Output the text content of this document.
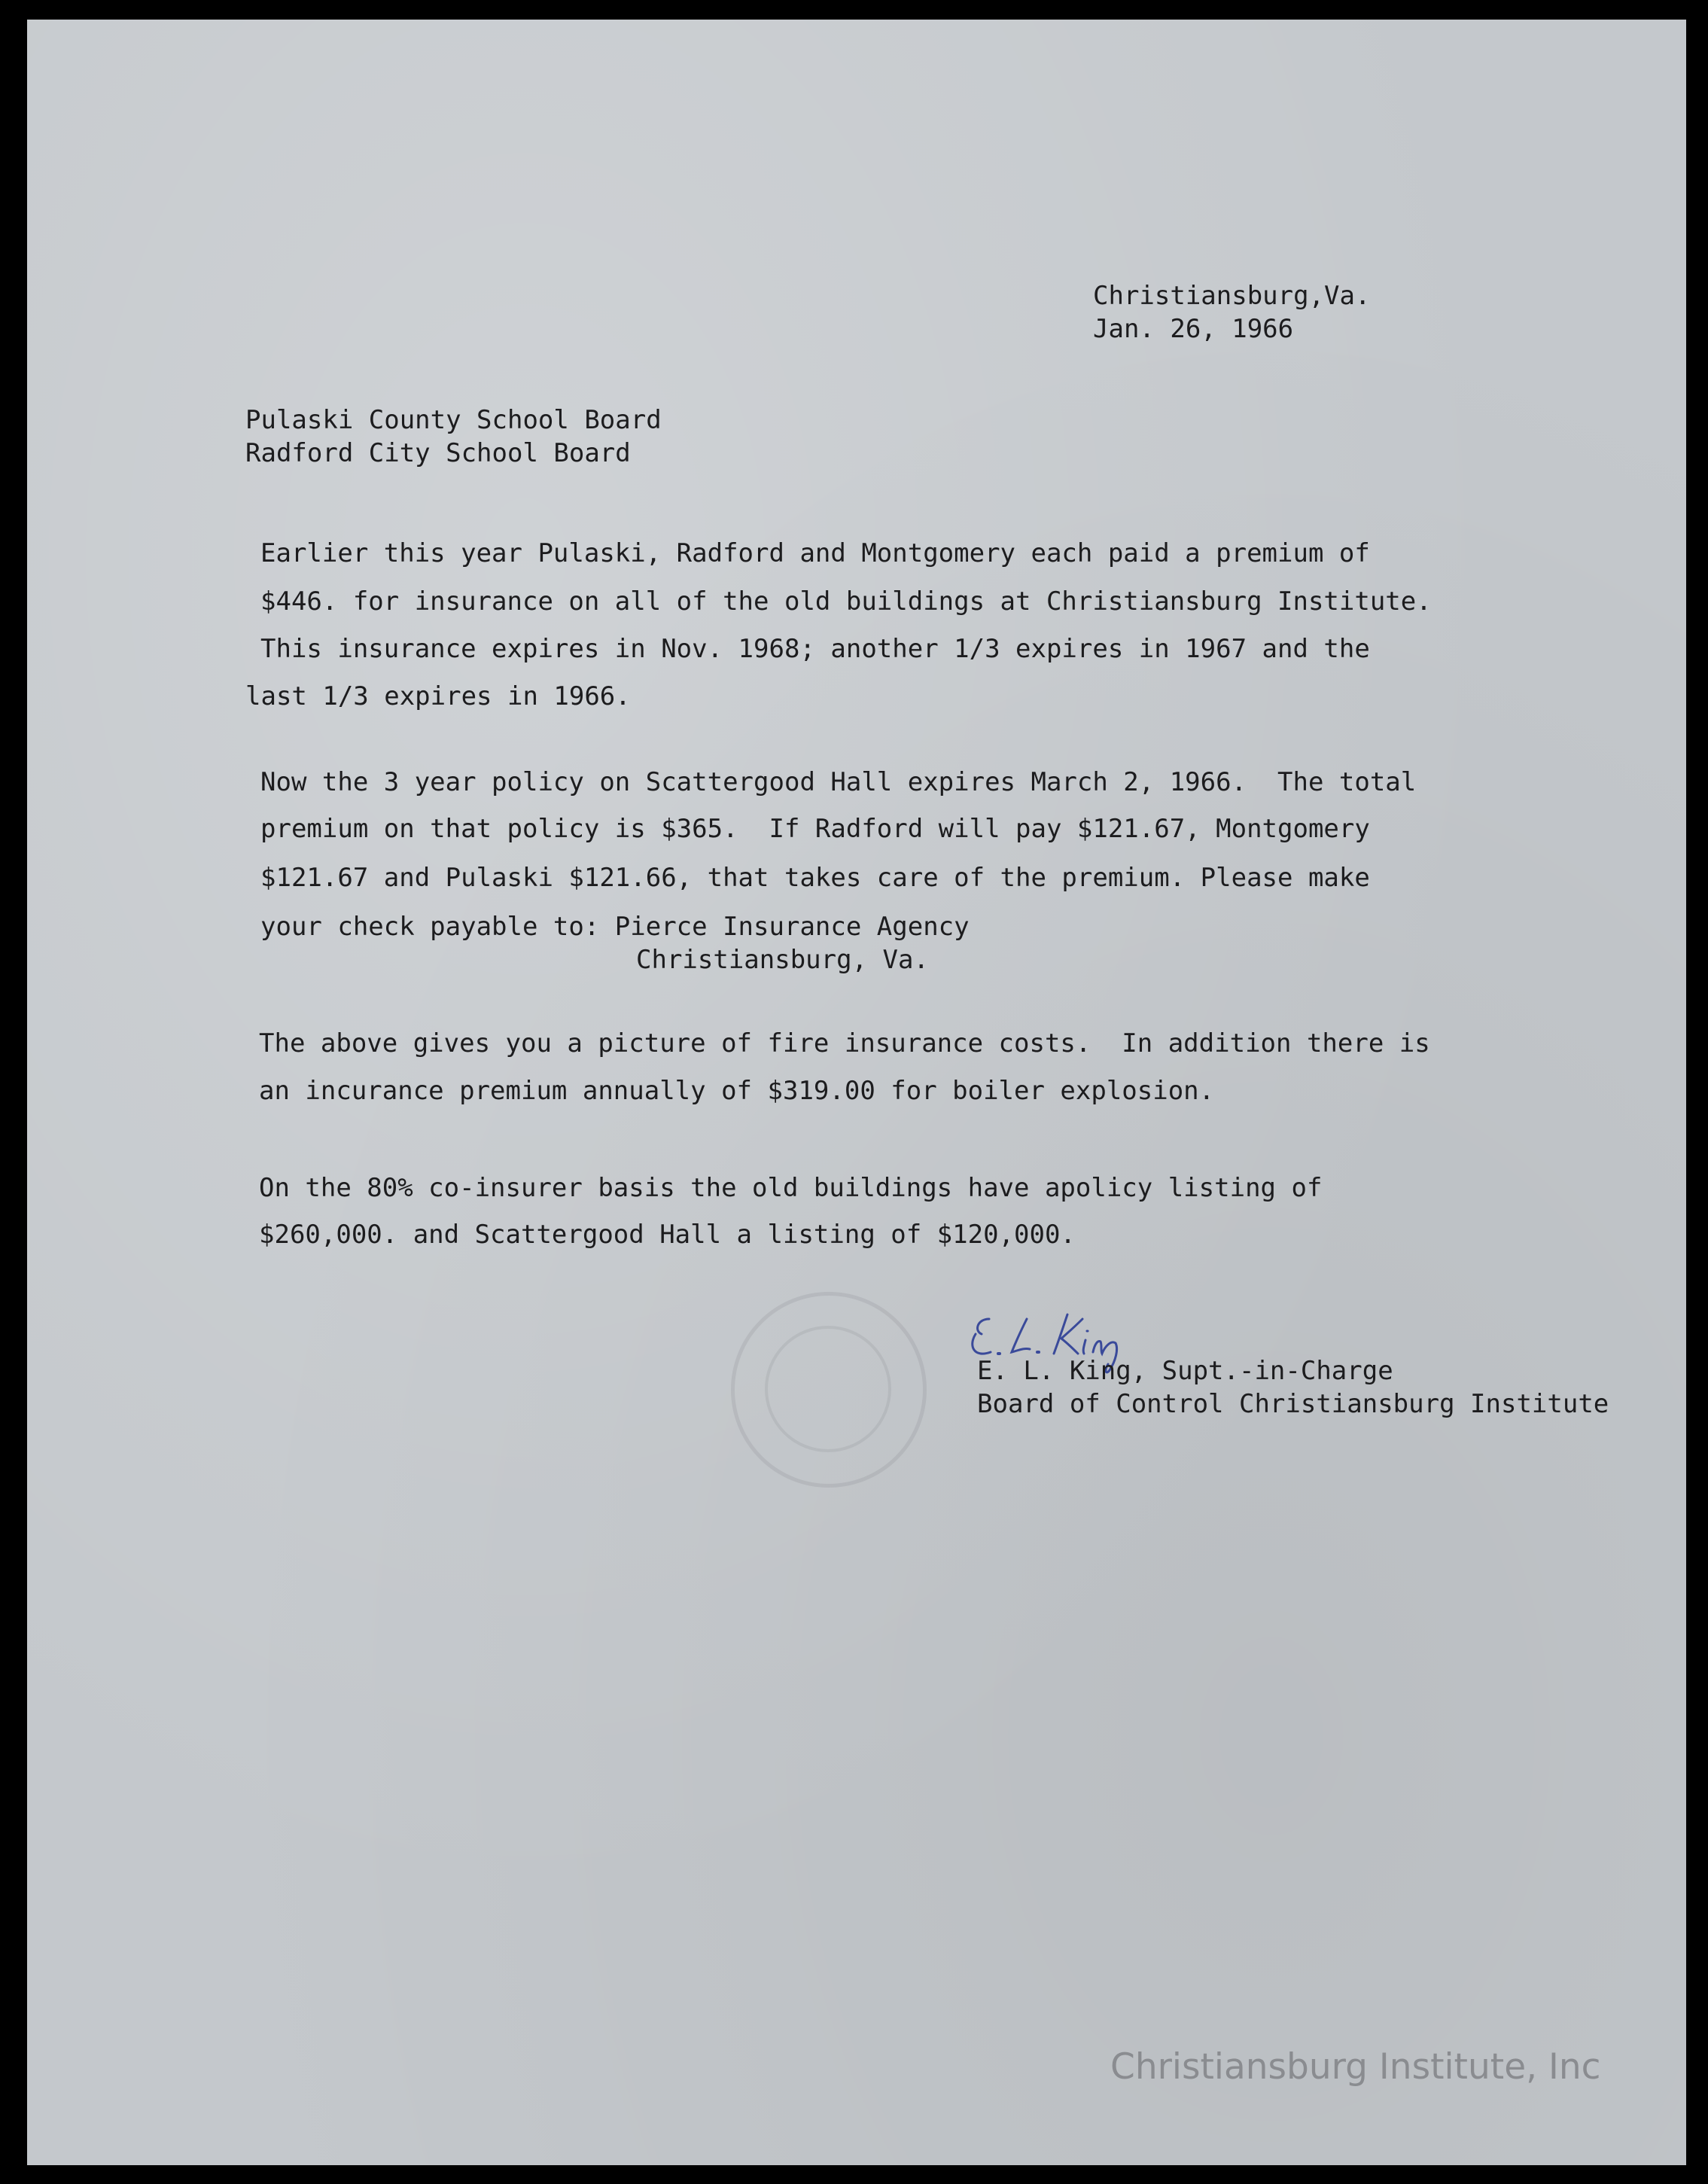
Christiansburg,Va.
Jan. 26, 1966
Pulaski County School Board
Radford City School Board
Earlier this year Pulaski, Radford and Montgomery each paid a premium of
$446. for insurance on all of the old buildings at Christiansburg Institute.
This insurance expires in Nov. 1968; another 1/3 expires in 1967 and the
last 1/3 expires in 1966.
Now the 3 year policy on Scattergood Hall expires March 2, 1966.  The total
premium on that policy is $365.  If Radford will pay $121.67, Montgomery
$121.67 and Pulaski $121.66, that takes care of the premium. Please make
your check payable to: Pierce Insurance Agency
Christiansburg, Va.
The above gives you a picture of fire insurance costs.  In addition there is
an incurance premium annually of $319.00 for boiler explosion.
On the 80% co-insurer basis the old buildings have apolicy listing of
$260,000. and Scattergood Hall a listing of $120,000.
E. L. King, Supt.-in-Charge
Board of Control Christiansburg Institute
Christiansburg Institute, Inc
